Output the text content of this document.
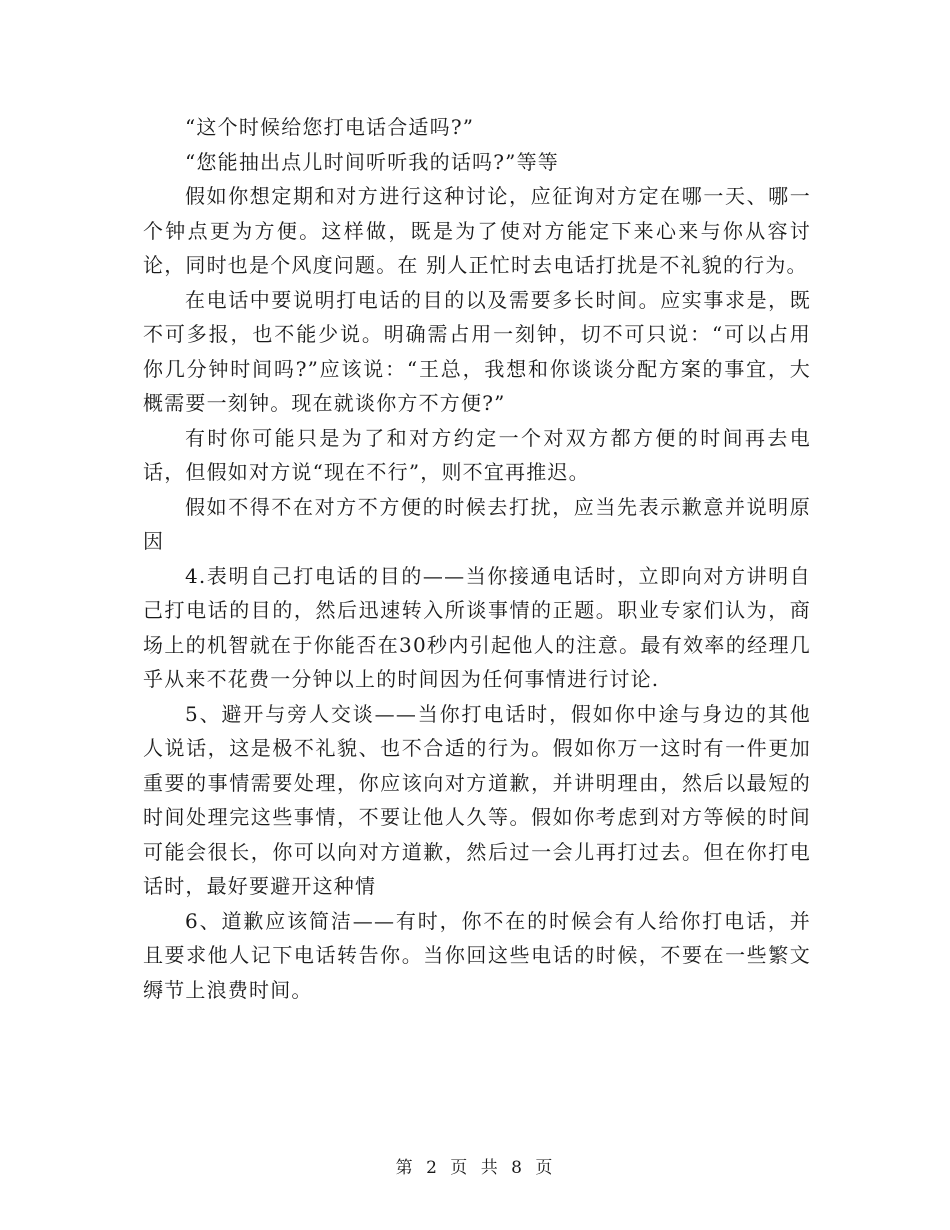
“这个时候给您打电话合适吗?”

“您能抽出点儿时间听听我的话吗?”等等

假如你想定期和对方进行这种讨论，应征询对方定在哪一天、哪一个钟点更为方便。这样做，既是为了使对方能定下来心来与你从容讨论，同时也是个风度问题。在 别人正忙时去电话打扰是不礼貌的行为。

在电话中要说明打电话的目的以及需要多长时间。应实事求是，既不可多报，也不能少说。明确需占用一刻钟，切不可只说：“可以占用你几分钟时间吗?”应该说：“王总，我想和你谈谈分配方案的事宜，大概需要一刻钟。现在就谈你方不方便?”

有时你可能只是为了和对方约定一个对双方都方便的时间再去电话，但假如对方说“现在不行”，则不宜再推迟。

假如不得不在对方不方便的时候去打扰，应当先表示歉意并说明原因

4.表明自己打电话的目的——当你接通电话时，立即向对方讲明自己打电话的目的，然后迅速转入所谈事情的正题。职业专家们认为，商场上的机智就在于你能否在30秒内引起他人的注意。最有效率的经理几乎从来不花费一分钟以上的时间因为任何事情进行讨论.

5、避开与旁人交谈——当你打电话时，假如你中途与身边的其他人说话，这是极不礼貌、也不合适的行为。假如你万一这时有一件更加重要的事情需要处理，你应该向对方道歉，并讲明理由，然后以最短的时间处理完这些事情，不要让他人久等。假如你考虑到对方等候的时间可能会很长，你可以向对方道歉，然后过一会儿再打过去。但在你打电话时，最好要避开这种情

6、道歉应该简洁——有时，你不在的时候会有人给你打电话，并且要求他人记下电话转告你。当你回这些电话的时候，不要在一些繁文缛节上浪费时间。

第 2 页 共 8 页
